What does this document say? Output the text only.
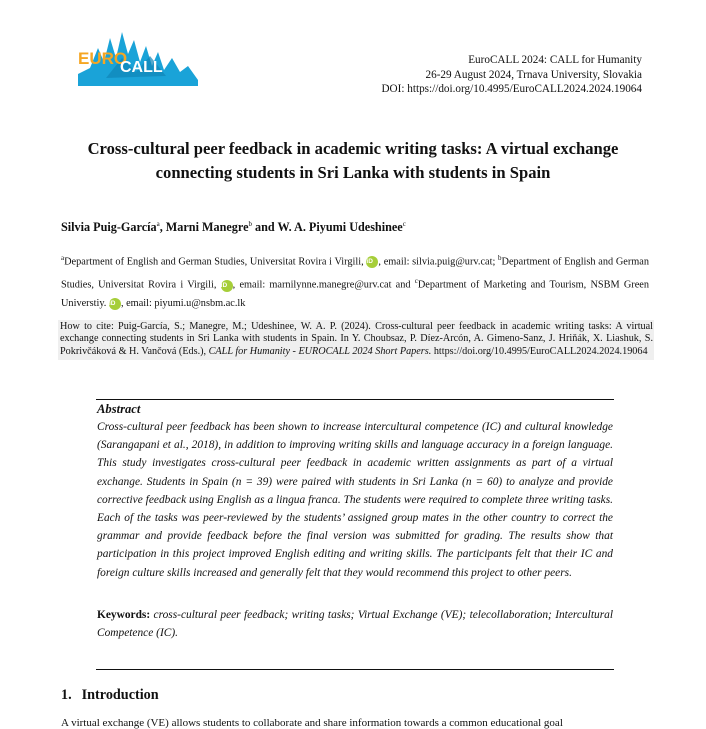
EURO
CALL	EuroCALL 2024: CALL for Humanity
26-29 August 2024, Trnava University, Slovakia
DOI: https://doi.org/10.4995/EuroCALL2024.2024.19064
Cross-cultural peer feedback in academic writing tasks: A virtual exchange
connecting students in Sri Lanka with students in Spain
Silvia Puig-García$^a$, Marni Manegre$^b$ and W. A. Piyumi Udeshinee$^c$
$^a$Department of English and German Studies, Universitat Rovira i Virgili, iD , email: silvia.puig@urv.cat; $^b$Department of English and German Studies, Universitat Rovira i Virgili, iD , email: marnilynne.manegre@urv.cat and $^c$Department of Marketing and Tourism, NSBM Green Universtiy. iD , email: piyumi.u@nsbm.ac.lk
How to cite: Puig-García, S.; Manegre, M.; Udeshinee, W. A. P. (2024). Cross-cultural peer feedback in academic writing tasks: A virtual exchange connecting students in Sri Lanka with students in Spain. In Y. Choubsaz, P. Díez-Arcón, A. Gimeno-Sanz, J. Hriňák, X. Liashuk, S. Pokrivčáková & H. Vančová (Eds.), CALL for Humanity - EUROCALL 2024 Short Papers. https://doi.org/10.4995/EuroCALL2024.2024.19064
Abstract
Cross-cultural peer feedback has been shown to increase intercultural competence (IC) and cultural knowledge (Sarangapani et al., 2018), in addition to improving writing skills and language accuracy in a foreign language. This study investigates cross-cultural peer feedback in academic written assignments as part of a virtual exchange. Students in Spain (n = 39) were paired with students in Sri Lanka (n = 60) to analyze and provide corrective feedback using English as a lingua franca. The students were required to complete three writing tasks. Each of the tasks was peer-reviewed by the students’ assigned group mates in the other country to correct the grammar and provide feedback before the final version was submitted for grading. The results show that participation in this project improved English editing and writing skills. The participants felt that their IC and foreign culture skills increased and generally felt that they would recommend this project to other peers.
Keywords: cross-cultural peer feedback; writing tasks; Virtual Exchange (VE); telecollaboration; Intercultural Competence (IC).
1. Introduction
A virtual exchange (VE) allows students to collaborate and share information towards a common educational goal
